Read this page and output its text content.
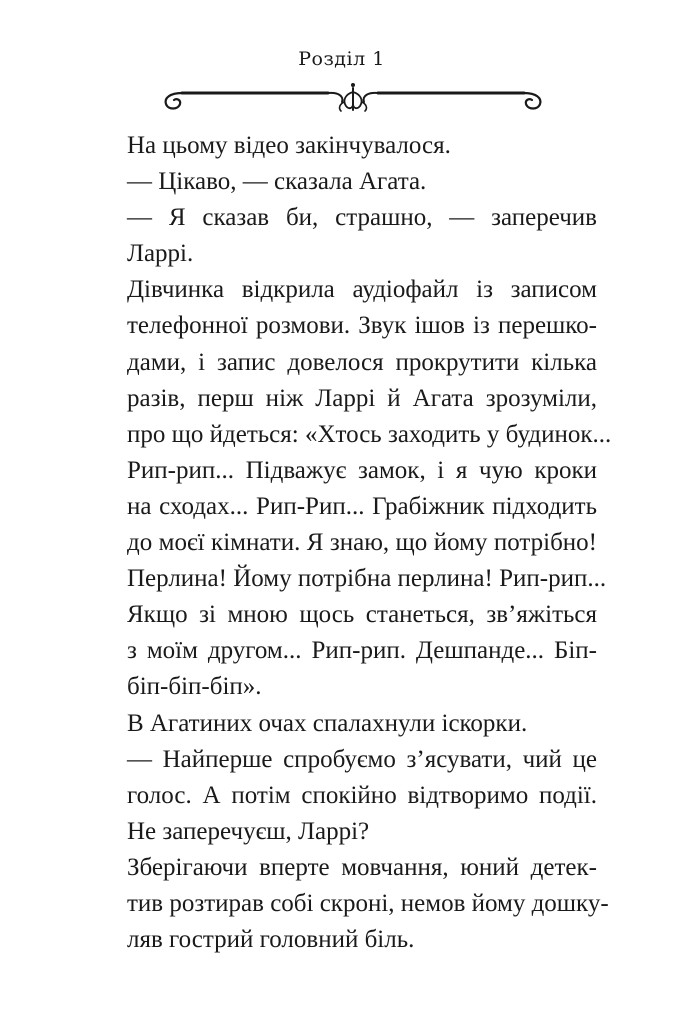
Розділ 1
На цьому відео закінчувалося.
— Цікаво, — сказала Агата.
— Я сказав би, страшно, — заперечив
Ларрі.
Дівчинка відкрила аудіофайл із записом
телефонної розмови. Звук ішов із перешко-
дами, і запис довелося прокрутити кілька
разів, перш ніж Ларрі й Агата зрозуміли,
про що йдеться: «Хтось заходить у будинок...
Рип-рип... Підважує замок, і я чую кроки
на сходах... Рип-Рип... Грабіжник підходить
до моєї кімнати. Я знаю, що йому потрібно!
Перлина! Йому потрібна перлина! Рип-рип...
Якщо зі мною щось станеться, зв’яжіться
з моїм другом... Рип-рип. Дешпанде... Біп-
біп-біп-біп».
В Агатиних очах спалахнули іскорки.
— Найперше спробуємо з’ясувати, чий це
голос. А потім спокійно відтворимо події.
Не заперечуєш, Ларрі?
Зберігаючи вперте мовчання, юний детек-
тив розтирав собі скроні, немов йому дошку-
ляв гострий головний біль.
